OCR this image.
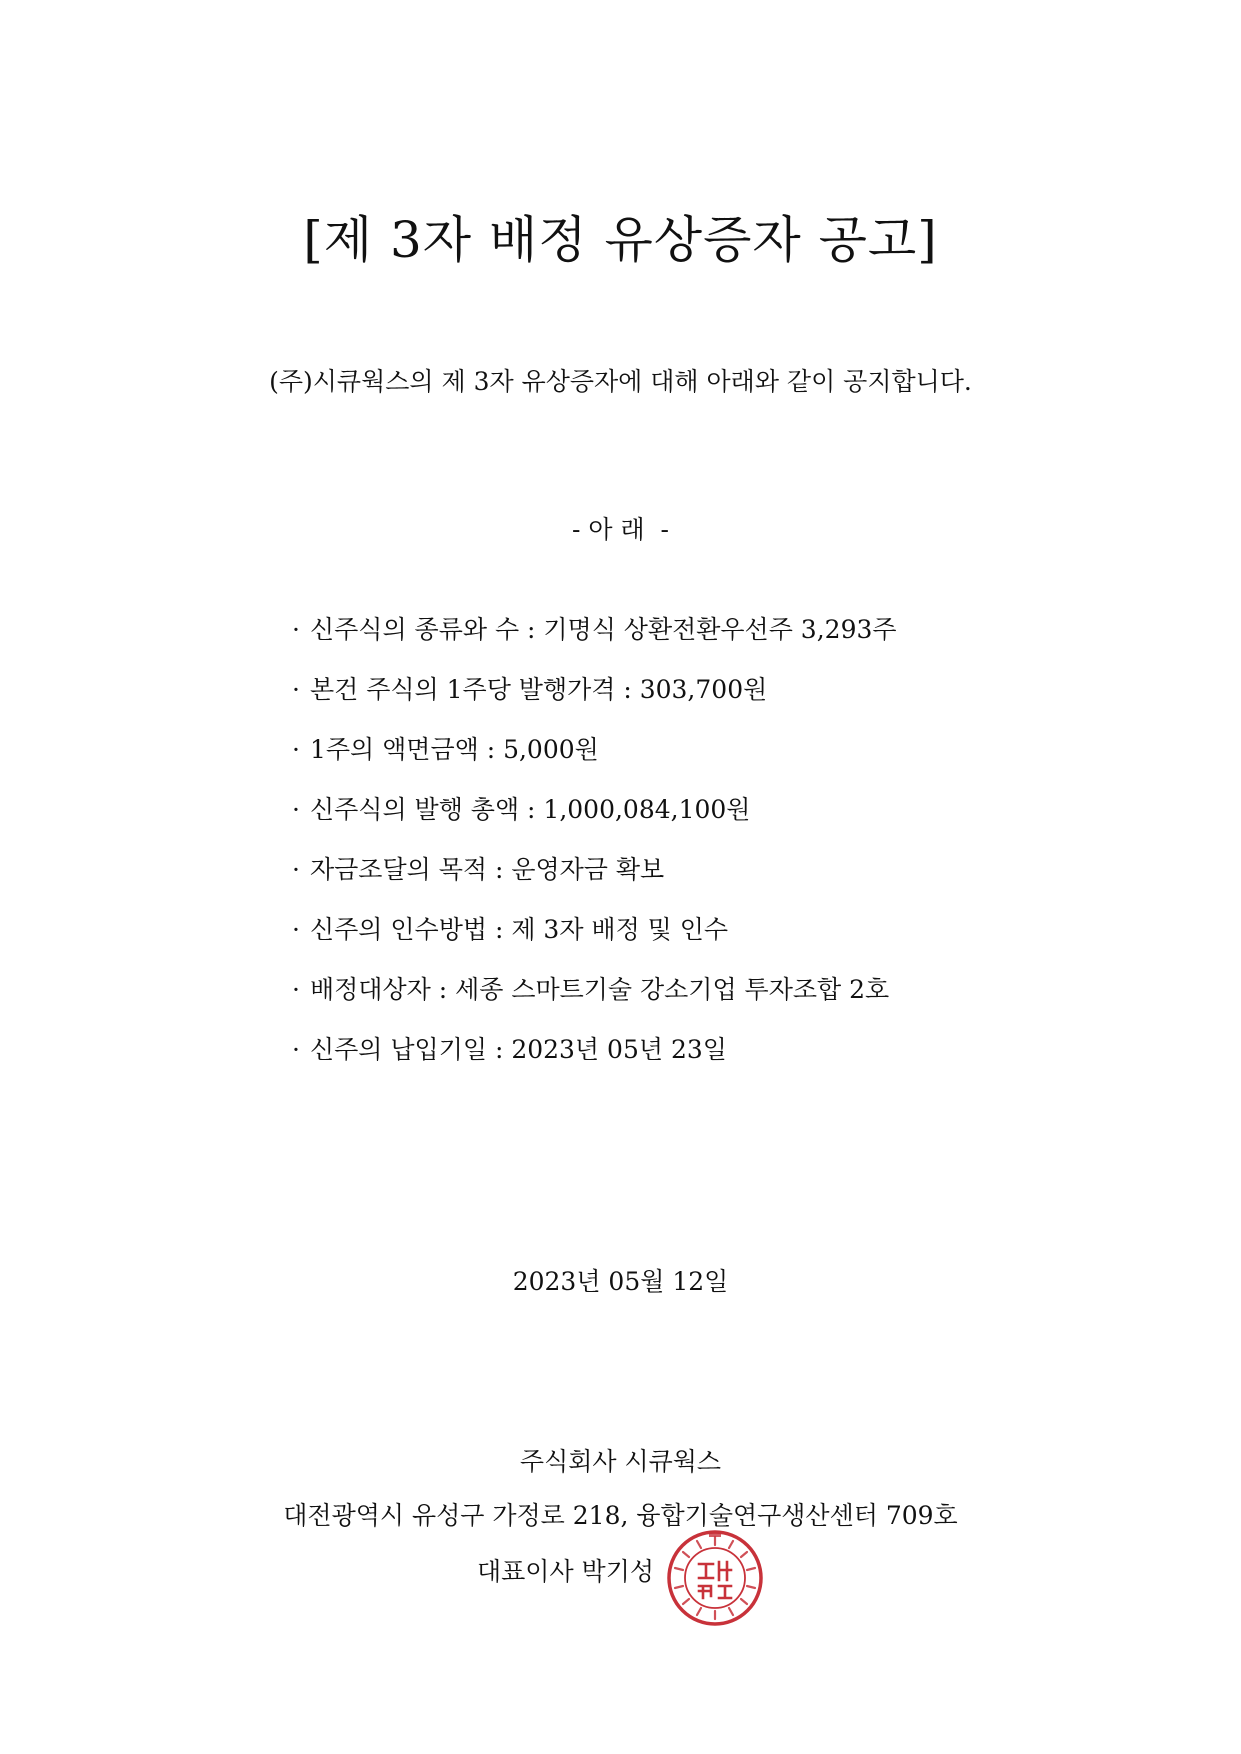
[제 3자 배정 유상증자 공고]
(주)시큐웍스의 제 3자 유상증자에 대해 아래와 같이 공지합니다.
- 아 래  -
· 신주식의 종류와 수 : 기명식 상환전환우선주 3,293주
· 본건 주식의 1주당 발행가격 : 303,700원
· 1주의 액면금액 : 5,000원
· 신주식의 발행 총액 : 1,000,084,100원
· 자금조달의 목적 : 운영자금 확보
· 신주의 인수방법 : 제 3자 배정 및 인수
· 배정대상자 : 세종 스마트기술 강소기업 투자조합 2호
· 신주의 납입기일 : 2023년 05년 23일
2023년 05월 12일
주식회사 시큐웍스
대전광역시 유성구 가정로 218, 융합기술연구생산센터 709호
대표이사 박기성
